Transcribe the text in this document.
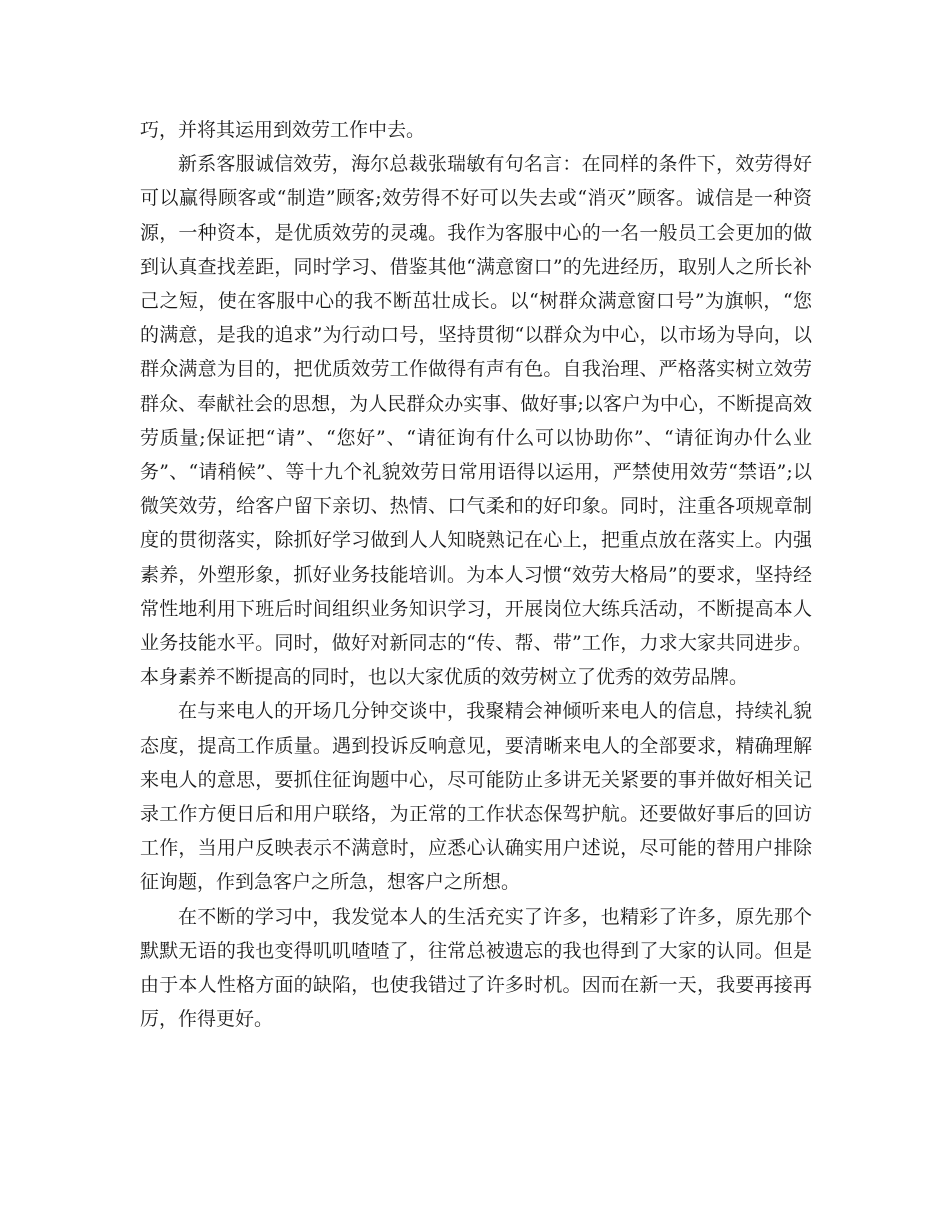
巧，并将其运用到效劳工作中去。

新系客服诚信效劳，海尔总裁张瑞敏有句名言：在同样的条件下，效劳得好可以赢得顾客或“制造”顾客;效劳得不好可以失去或“消灭”顾客。诚信是一种资源，一种资本，是优质效劳的灵魂。我作为客服中心的一名一般员工会更加的做到认真查找差距，同时学习、借鉴其他“满意窗口”的先进经历，取别人之所长补己之短，使在客服中心的我不断茁壮成长。以“树群众满意窗口号”为旗帜，“您的满意，是我的追求”为行动口号，坚持贯彻“以群众为中心，以市场为导向，以群众满意为目的，把优质效劳工作做得有声有色。自我治理、严格落实树立效劳群众、奉献社会的思想，为人民群众办实事、做好事;以客户为中心，不断提高效劳质量;保证把“请”、“您好”、“请征询有什么可以协助你”、“请征询办什么业务”、“请稍候”、等十九个礼貌效劳日常用语得以运用，严禁使用效劳“禁语”;以微笑效劳，给客户留下亲切、热情、口气柔和的好印象。同时，注重各项规章制度的贯彻落实，除抓好学习做到人人知晓熟记在心上，把重点放在落实上。内强素养，外塑形象，抓好业务技能培训。为本人习惯“效劳大格局”的要求，坚持经常性地利用下班后时间组织业务知识学习，开展岗位大练兵活动，不断提高本人业务技能水平。同时，做好对新同志的“传、帮、带”工作，力求大家共同进步。本身素养不断提高的同时，也以大家优质的效劳树立了优秀的效劳品牌。

在与来电人的开场几分钟交谈中，我聚精会神倾听来电人的信息，持续礼貌态度，提高工作质量。遇到投诉反响意见，要清晰来电人的全部要求，精确理解来电人的意思，要抓住征询题中心，尽可能防止多讲无关紧要的事并做好相关记录工作方便日后和用户联络，为正常的工作状态保驾护航。还要做好事后的回访工作，当用户反映表示不满意时，应悉心认确实用户述说，尽可能的替用户排除征询题，作到急客户之所急，想客户之所想。

在不断的学习中，我发觉本人的生活充实了许多，也精彩了许多，原先那个默默无语的我也变得叽叽喳喳了，往常总被遗忘的我也得到了大家的认同。但是由于本人性格方面的缺陷，也使我错过了许多时机。因而在新一天，我要再接再厉，作得更好。
